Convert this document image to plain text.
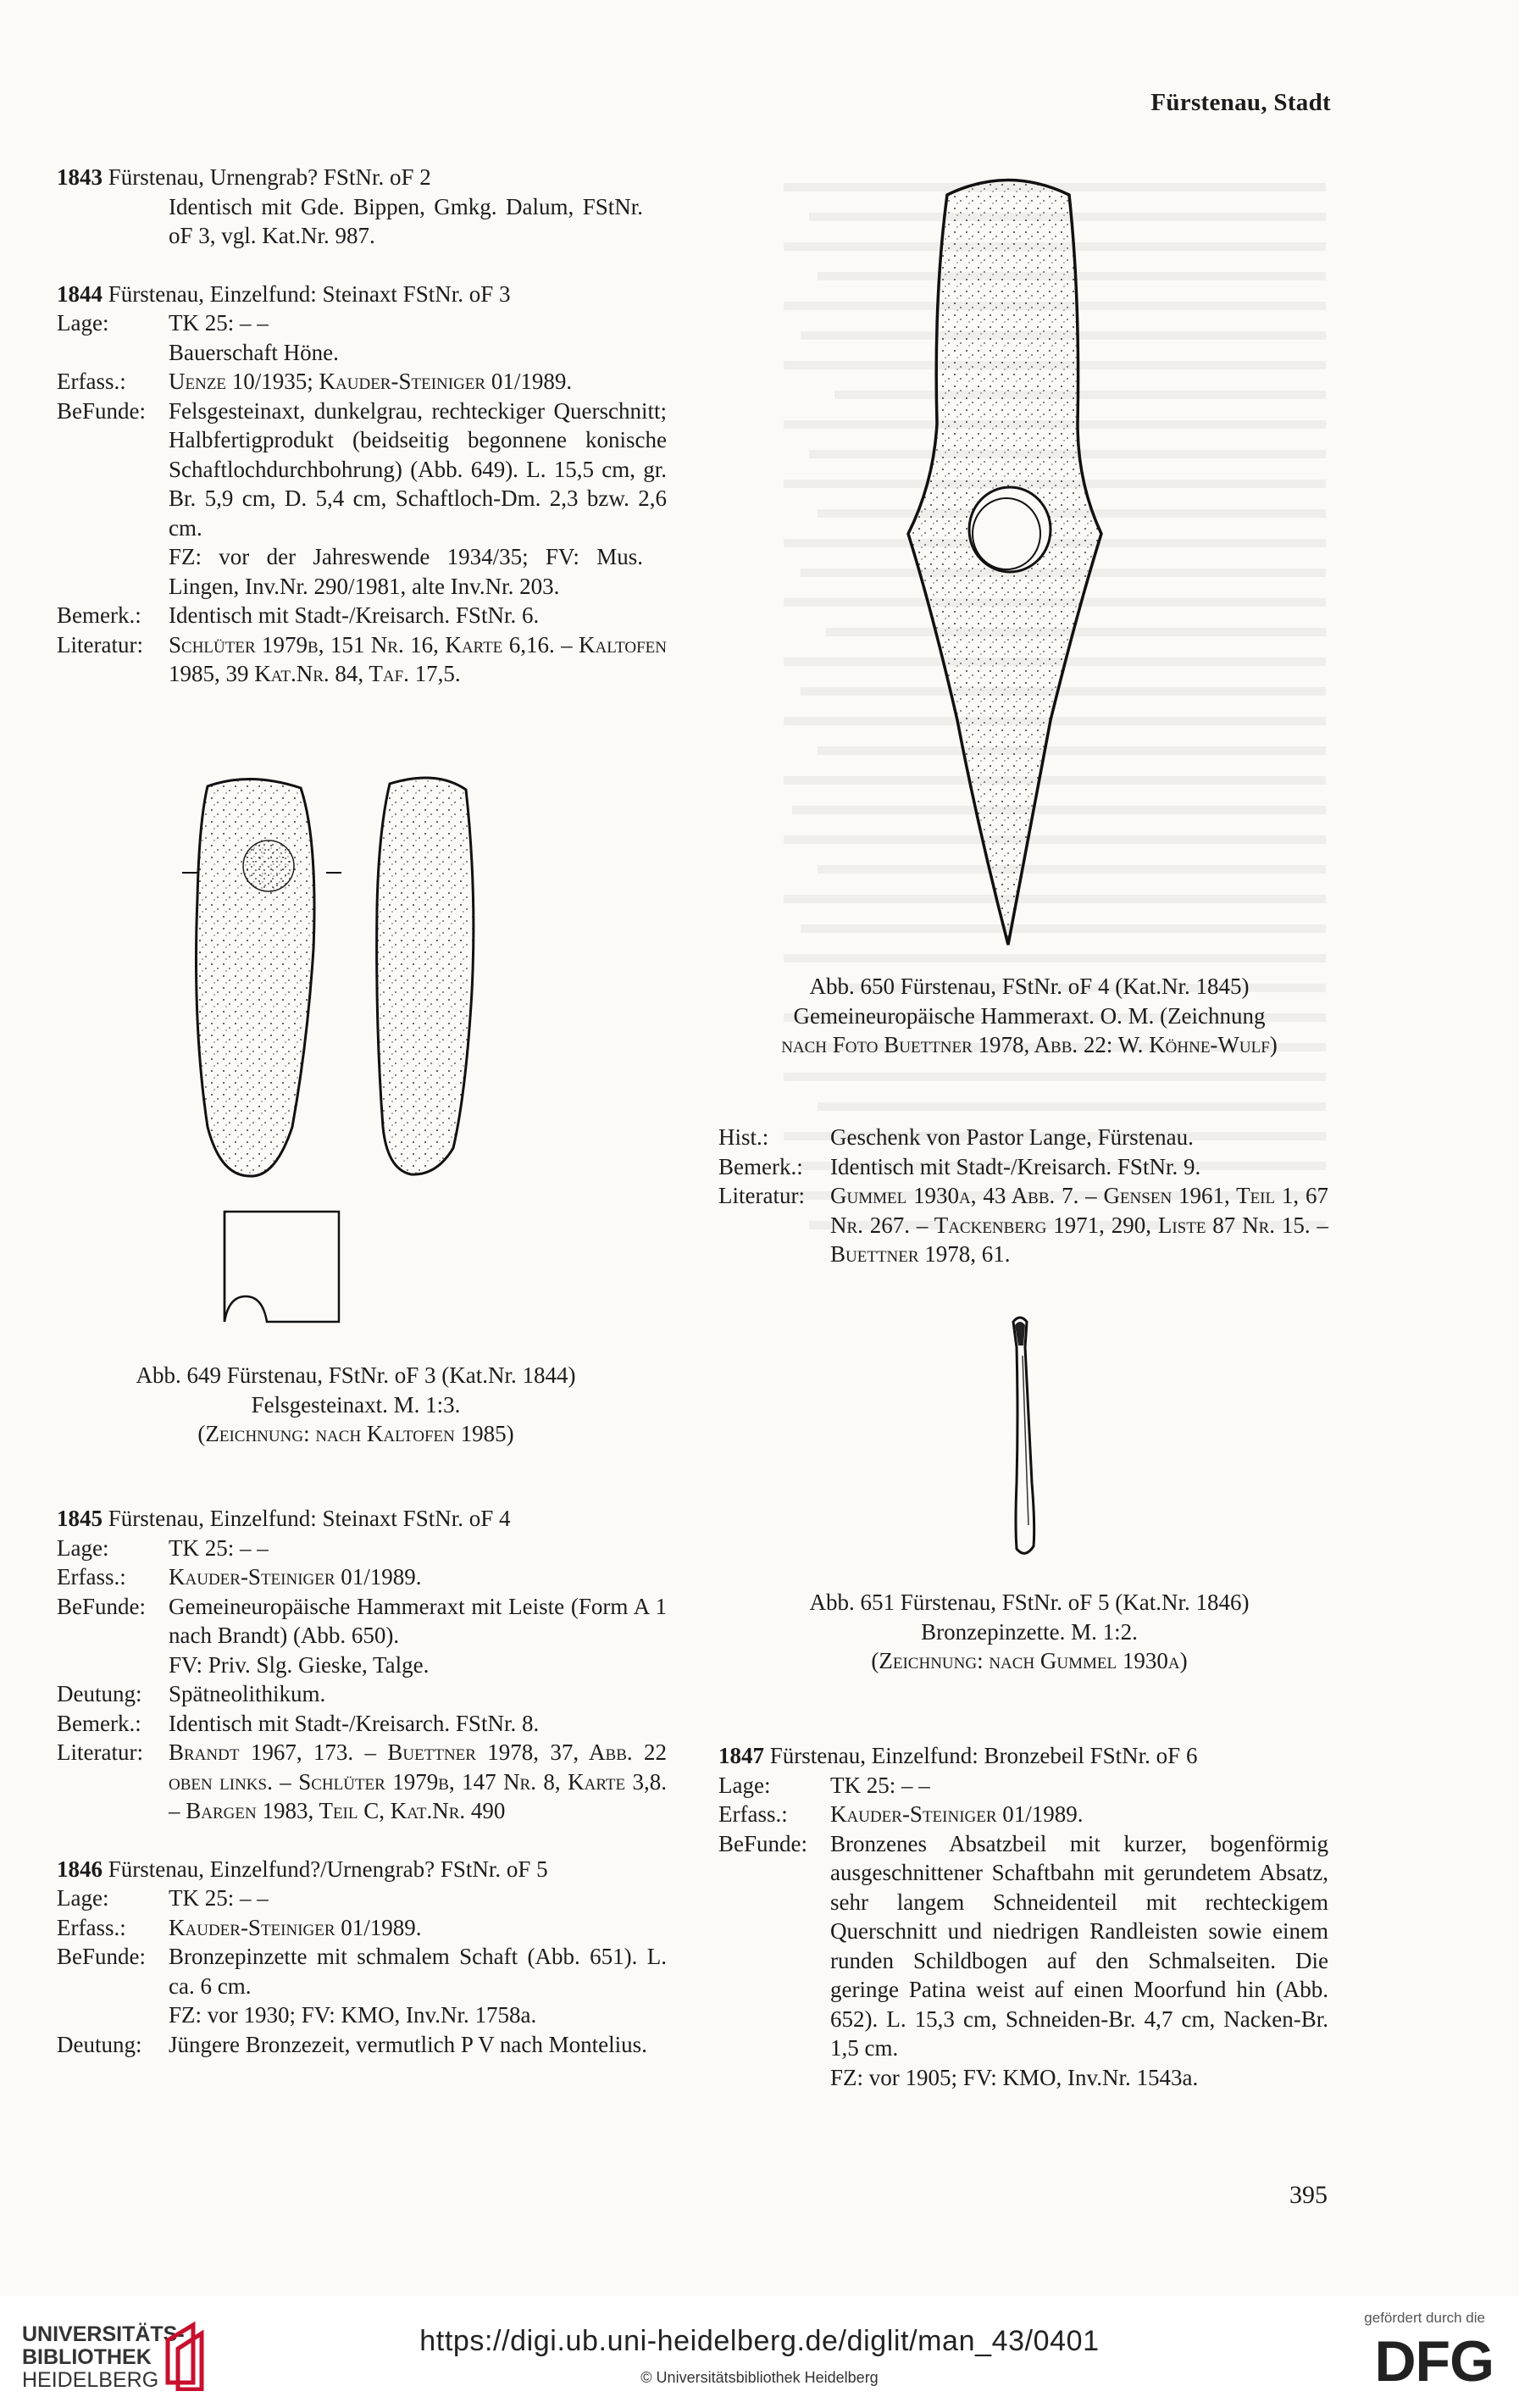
Fürstenau, Stadt
1843 Fürstenau, Urnengrab? FStNr. oF 2
Identisch mit Gde. Bippen, Gmkg. Dalum, FStNr. oF 3, vgl. Kat.Nr. 987.
1844 Fürstenau, Einzelfund: Steinaxt FStNr. oF 3
Lage:	TK 25: – –
Bauerschaft Höne.
Erfass.:	Uenze 10/1935; Kauder-Steiniger 01/1989.
BeFunde:	Felsgesteinaxt, dunkelgrau, rechteckiger Querschnitt; Halbfertigprodukt (beidseitig begonnene konische Schaftlochdurchbohrung) (Abb. 649). L. 15,5 cm, gr. Br. 5,9 cm, D. 5,4 cm, Schaftloch-Dm. 2,3 bzw. 2,6 cm.
FZ: vor der Jahreswende 1934/35; FV: Mus. Lingen, Inv.Nr. 290/1981, alte Inv.Nr. 203.
Bemerk.:	Identisch mit Stadt-/Kreisarch. FStNr. 6.
Literatur:	Schlüter 1979b, 151 Nr. 16, Karte 6,16. – Kaltofen 1985, 39 Kat.Nr. 84, Taf. 17,5.
Abb. 649 Fürstenau, FStNr. oF 3 (Kat.Nr. 1844)
Felsgesteinaxt. M. 1:3.
(Zeichnung: nach Kaltofen 1985)
1845 Fürstenau, Einzelfund: Steinaxt FStNr. oF 4
Lage:	TK 25: – –
Erfass.:	Kauder-Steiniger 01/1989.
BeFunde:	Gemeineuropäische Hammeraxt mit Leiste (Form A 1 nach Brandt) (Abb. 650).
FV: Priv. Slg. Gieske, Talge.
Deutung:	Spätneolithikum.
Bemerk.:	Identisch mit Stadt-/Kreisarch. FStNr. 8.
Literatur:	Brandt 1967, 173. – Buettner 1978, 37, Abb. 22 oben links. – Schlüter 1979b, 147 Nr. 8, Karte 3,8. – Bargen 1983, Teil C, Kat.Nr. 490
1846 Fürstenau, Einzelfund?/Urnengrab? FStNr. oF 5
Lage:	TK 25: – –
Erfass.:	Kauder-Steiniger 01/1989.
BeFunde:	Bronzepinzette mit schmalem Schaft (Abb. 651). L. ca. 6 cm.
FZ: vor 1930; FV: KMO, Inv.Nr. 1758a.
Deutung:	Jüngere Bronzezeit, vermutlich P V nach Montelius.
Abb. 650 Fürstenau, FStNr. oF 4 (Kat.Nr. 1845)
Gemeineuropäische Hammeraxt. O. M. (Zeichnung
nach Foto Buettner 1978, Abb. 22: W. Köhne-Wulf)
Hist.:	Geschenk von Pastor Lange, Fürstenau.
Bemerk.:	Identisch mit Stadt-/Kreisarch. FStNr. 9.
Literatur:	Gummel 1930a, 43 Abb. 7. – Gensen 1961, Teil 1, 67 Nr. 267. – Tackenberg 1971, 290, Liste 87 Nr. 15. – Buettner 1978, 61.
Abb. 651 Fürstenau, FStNr. oF 5 (Kat.Nr. 1846)
Bronzepinzette. M. 1:2.
(Zeichnung: nach Gummel 1930a)
1847 Fürstenau, Einzelfund: Bronzebeil FStNr. oF 6
Lage:	TK 25: – –
Erfass.:	Kauder-Steiniger 01/1989.
BeFunde:	Bronzenes Absatzbeil mit kurzer, bogenförmig ausgeschnittener Schaftbahn mit gerundetem Absatz, sehr langem Schneidenteil mit rechteckigem Querschnitt und niedrigen Randleisten sowie einem runden Schildbogen auf den Schmalseiten. Die geringe Patina weist auf einen Moorfund hin (Abb. 652). L. 15,3 cm, Schneiden-Br. 4,7 cm, Nacken-Br. 1,5 cm.
FZ: vor 1905; FV: KMO, Inv.Nr. 1543a.
395
UNIVERSITÄTS-
BIBLIOTHEK
HEIDELBERG
https://digi.ub.uni-heidelberg.de/diglit/man_43/0401
© Universitätsbibliothek Heidelberg
gefördert durch die
DFG
